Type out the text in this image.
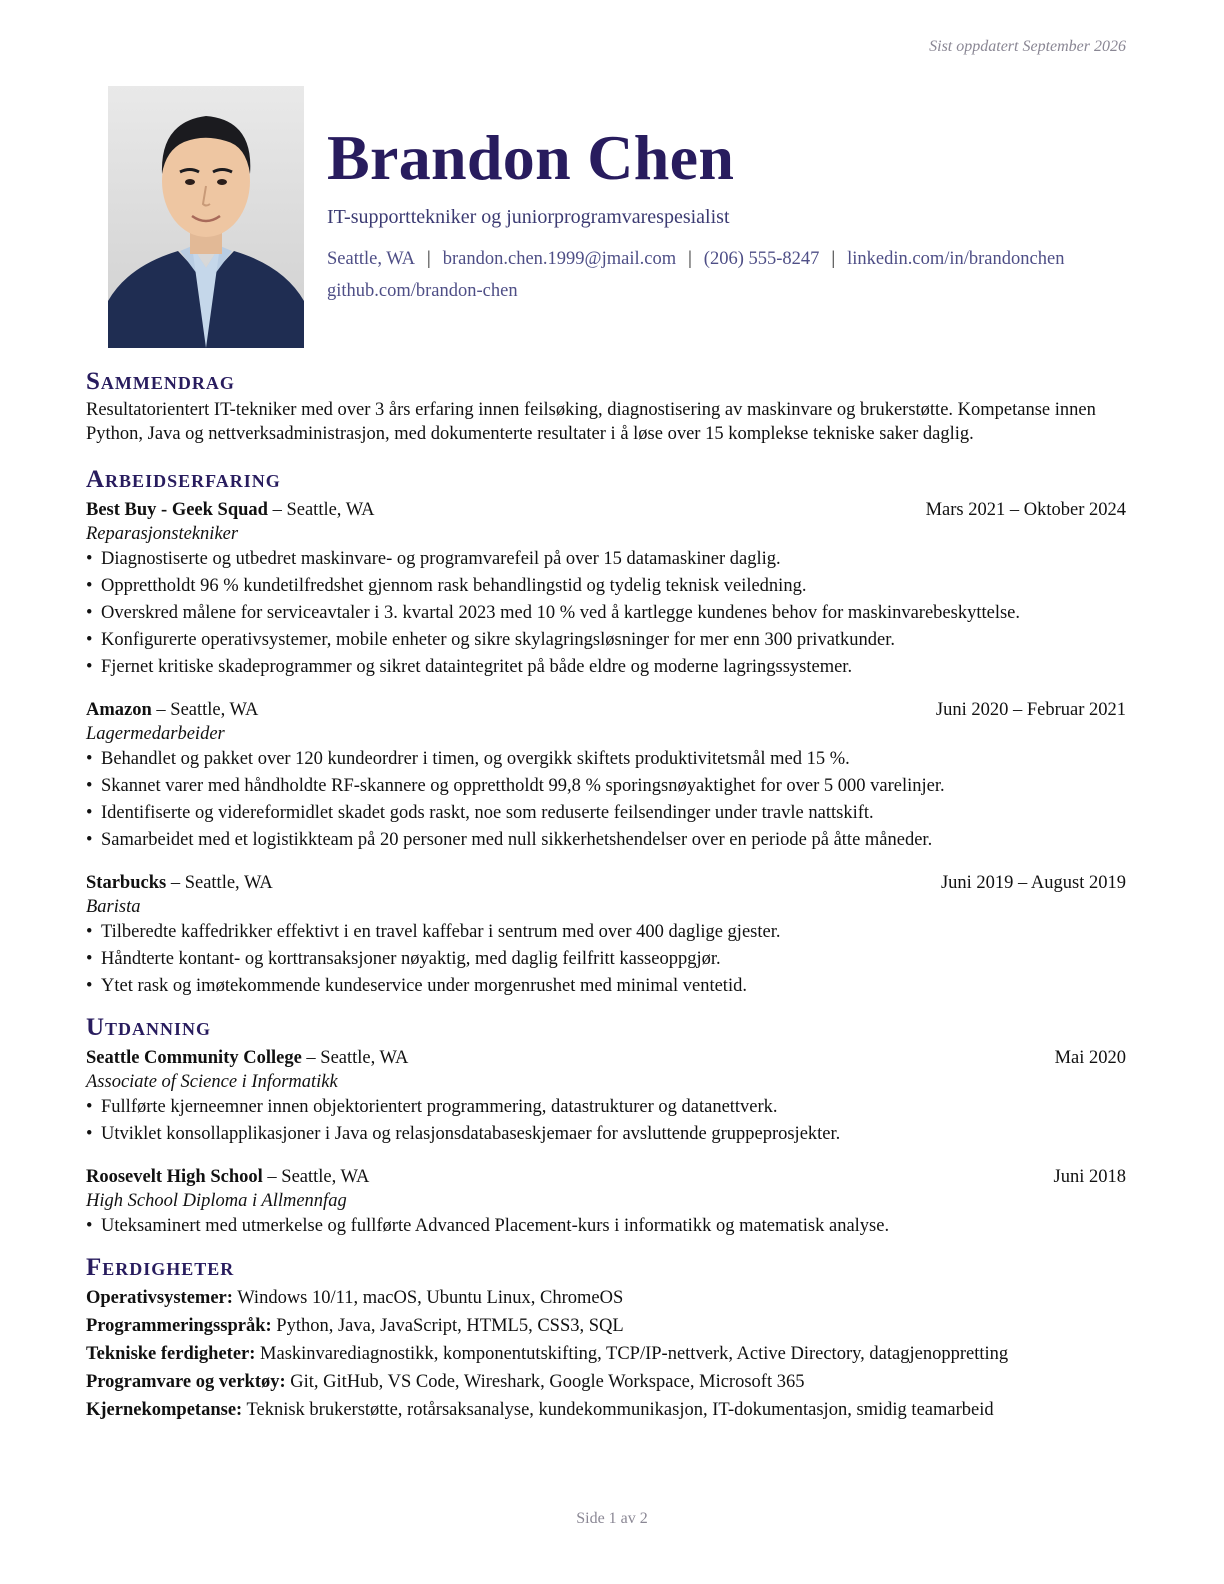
Sist oppdatert September 2026
Brandon Chen
IT-supporttekniker og juniorprogramvarespesialist
Seattle, WA | brandon.chen.1999@jmail.com | (206) 555-8247 | linkedin.com/in/brandonchen
github.com/brandon-chen
Sammendrag

Resultatorientert IT-tekniker med over 3 års erfaring innen feilsøking, diagnostisering av maskinvare og brukerstøtte. Kompetanse innen Python, Java og nettverksadministrasjon, med dokumenterte resultater i å løse over 15 komplekse tekniske saker daglig.

Arbeidserfaring
Best Buy - Geek Squad – Seattle, WA	Mars 2021 – Oktober 2024
Reparasjonstekniker
• Diagnostiserte og utbedret maskinvare- og programvarefeil på over 15 datamaskiner daglig.
• Opprettholdt 96 % kundetilfredshet gjennom rask behandlingstid og tydelig teknisk veiledning.
• Overskred målene for serviceavtaler i 3. kvartal 2023 med 10 % ved å kartlegge kundenes behov for maskinvarebeskyttelse.
• Konfigurerte operativsystemer, mobile enheter og sikre skylagringsløsninger for mer enn 300 privatkunder.
• Fjernet kritiske skadeprogrammer og sikret dataintegritet på både eldre og moderne lagringssystemer.
Amazon – Seattle, WA	Juni 2020 – Februar 2021
Lagermedarbeider
• Behandlet og pakket over 120 kundeordrer i timen, og overgikk skiftets produktivitetsmål med 15 %.
• Skannet varer med håndholdte RF-skannere og opprettholdt 99,8 % sporingsnøyaktighet for over 5 000 varelinjer.
• Identifiserte og videreformidlet skadet gods raskt, noe som reduserte feilsendinger under travle nattskift.
• Samarbeidet med et logistikkteam på 20 personer med null sikkerhetshendelser over en periode på åtte måneder.
Starbucks – Seattle, WA	Juni 2019 – August 2019
Barista
• Tilberedte kaffedrikker effektivt i en travel kaffebar i sentrum med over 400 daglige gjester.
• Håndterte kontant- og korttransaksjoner nøyaktig, med daglig feilfritt kasseoppgjør.
• Ytet rask og imøtekommende kundeservice under morgenrushet med minimal ventetid.
Utdanning
Seattle Community College – Seattle, WA	Mai 2020
Associate of Science i Informatikk
• Fullførte kjerneemner innen objektorientert programmering, datastrukturer og datanettverk.
• Utviklet konsollapplikasjoner i Java og relasjonsdatabaseskjemaer for avsluttende gruppeprosjekter.
Roosevelt High School – Seattle, WA	Juni 2018
High School Diploma i Allmennfag
• Uteksaminert med utmerkelse og fullførte Advanced Placement-kurs i informatikk og matematisk analyse.
Ferdigheter
Operativsystemer: Windows 10/11, macOS, Ubuntu Linux, ChromeOS
Programmeringsspråk: Python, Java, JavaScript, HTML5, CSS3, SQL
Tekniske ferdigheter: Maskinvarediagnostikk, komponentutskifting, TCP/IP-nettverk, Active Directory, datagjenoppretting
Programvare og verktøy: Git, GitHub, VS Code, Wireshark, Google Workspace, Microsoft 365
Kjernekompetanse: Teknisk brukerstøtte, rotårsaksanalyse, kundekommunikasjon, IT-dokumentasjon, smidig teamarbeid
Side 1 av 2
